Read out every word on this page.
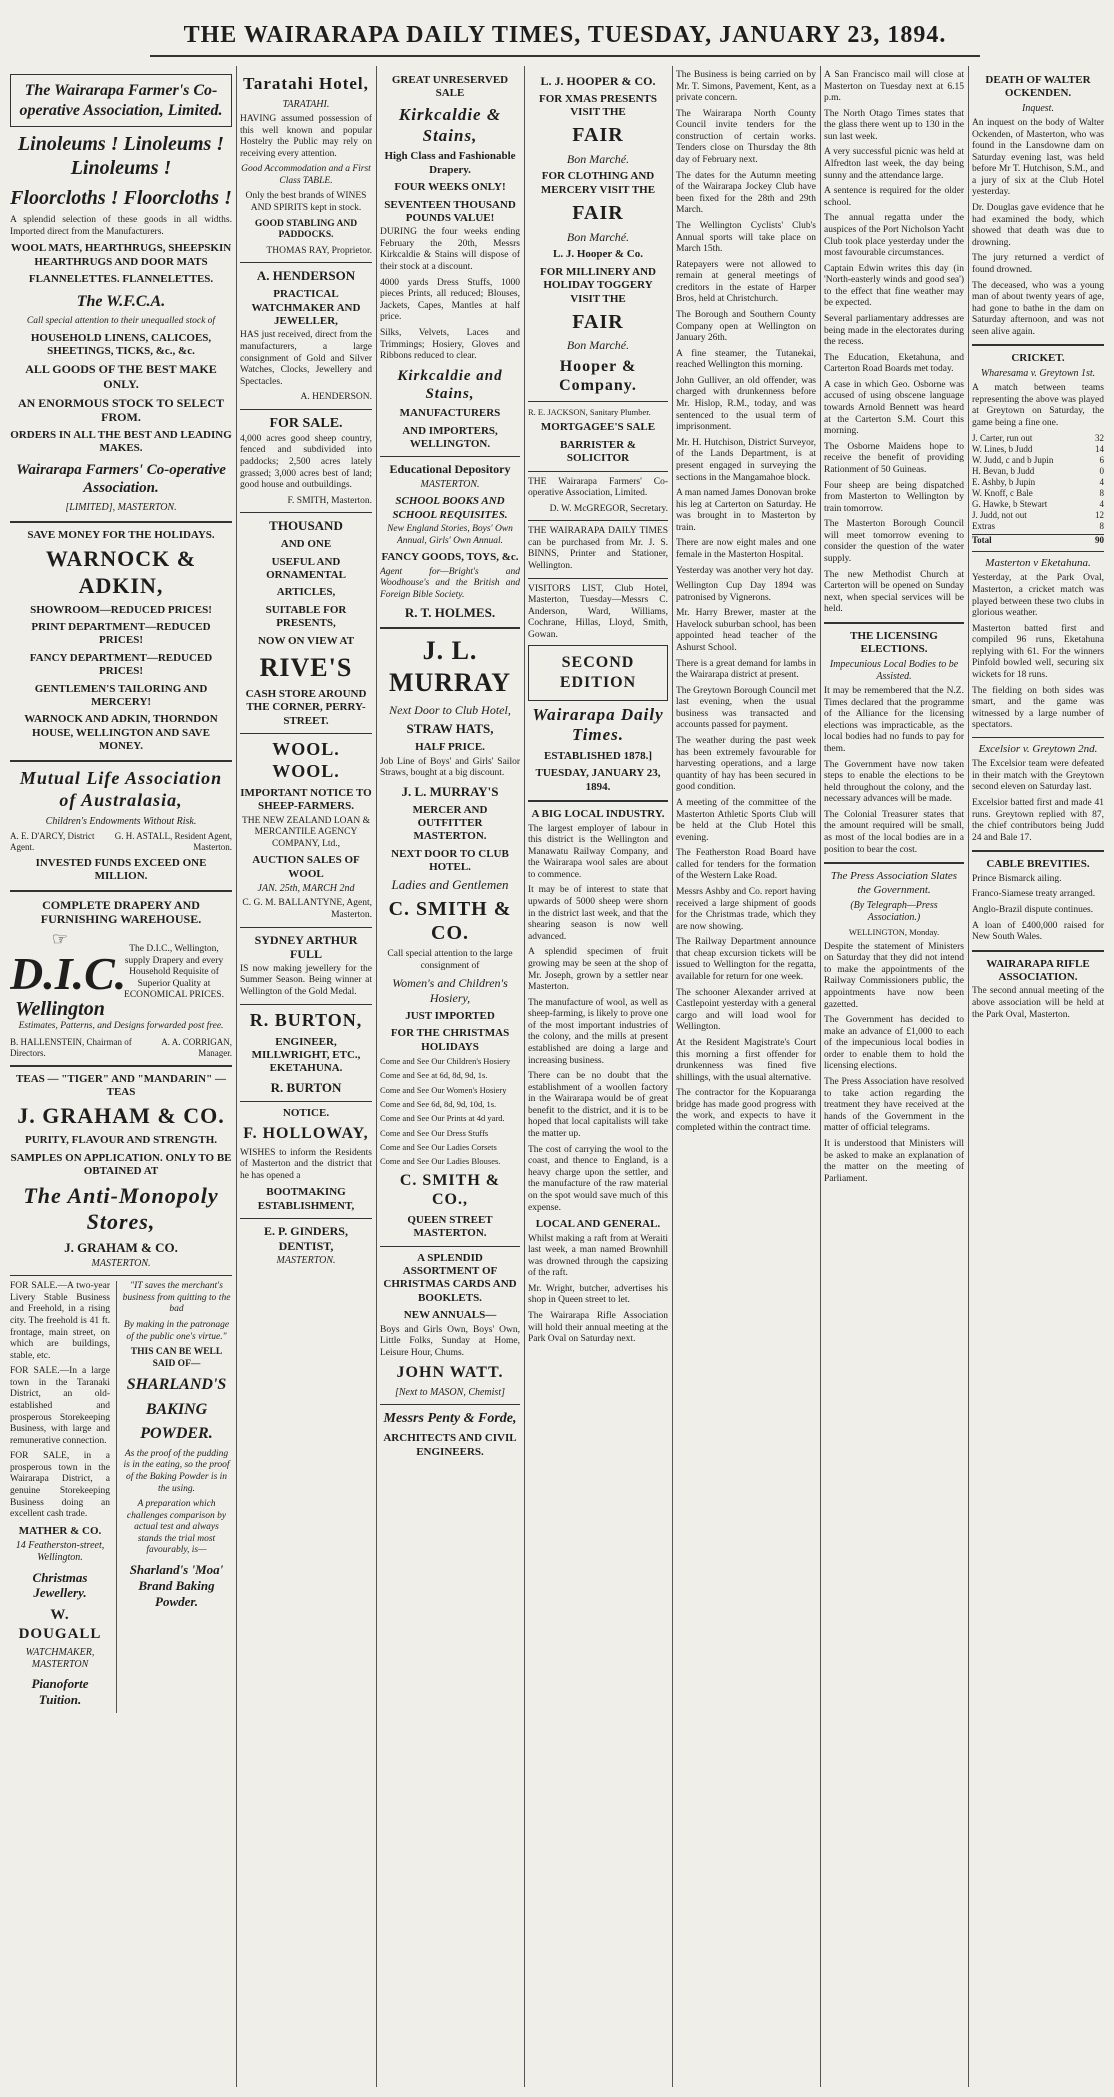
THE WAIRARAPA DAILY TIMES, TUESDAY, JANUARY 23, 1894.
The Wairarapa Farmer's Co-operative Association, Limited.
Linoleums ! Linoleums ! Linoleums !
Floorcloths ! Floorcloths !

A splendid selection of these goods in all widths. Imported direct from the Manufacturers.

WOOL MATS, HEARTHRUGS, SHEEPSKIN HEARTHRUGS AND DOOR MATS
FLANNELETTES. FLANNELETTES.
The W.F.C.A.

Call special attention to their unequalled stock of

HOUSEHOLD LINENS, CALICOES, SHEETINGS, TICKS, &c., &c.
ALL GOODS OF THE BEST MAKE ONLY.
AN ENORMOUS STOCK TO SELECT FROM.
ORDERS IN ALL THE BEST AND LEADING MAKES.
Wairarapa Farmers' Co-operative Association.
[LIMITED], MASTERTON.
SAVE MONEY FOR THE HOLIDAYS.
WARNOCK & ADKIN,
SHOWROOM—REDUCED PRICES!
PRINT DEPARTMENT—REDUCED PRICES!
FANCY DEPARTMENT—REDUCED PRICES!
GENTLEMEN'S TAILORING AND MERCERY!
WARNOCK AND ADKIN, THORNDON HOUSE, WELLINGTON AND SAVE MONEY.
Mutual Life Association of Australasia,
Children's Endowments Without Risk.
A. E. D'ARCY, District Agent.
G. H. ASTALL, Resident Agent, Masterton.
INVESTED FUNDS EXCEED ONE MILLION.
COMPLETE DRAPERY AND FURNISHING WAREHOUSE.
☞
D.I.C.
Wellington

The D.I.C., Wellington, supply Drapery and every Household Requisite of Superior Quality at ECONOMICAL PRICES.

Estimates, Patterns, and Designs forwarded post free.

B. HALLENSTEIN, Chairman of Directors.
A. A. CORRIGAN, Manager.
TEAS — "TIGER" AND "MANDARIN" — TEAS
J. GRAHAM & CO.
PURITY, FLAVOUR AND STRENGTH.
SAMPLES ON APPLICATION. ONLY TO BE OBTAINED AT
The Anti-Monopoly Stores,
J. GRAHAM & CO.
MASTERTON.

FOR SALE.—A two-year Livery Stable Business and Freehold, in a rising city. The freehold is 41 ft. frontage, main street, on which are buildings, stable, etc.

FOR SALE.—In a large town in the Taranaki District, an old-established and prosperous Storekeeping Business, with large and remunerative connection.

FOR SALE, in a prosperous town in the Wairarapa District, a genuine Storekeeping Business doing an excellent cash trade.

MATHER & CO.
14 Featherston-street, Wellington.
Christmas Jewellery.
W. DOUGALL
WATCHMAKER, MASTERTON
Pianoforte Tuition.

"IT saves the merchant's business from quitting to the bad

By making in the patronage of the public one's virtue."

THIS CAN BE WELL SAID OF—

SHARLAND'S
BAKING
POWDER.

As the proof of the pudding is in the eating, so the proof of the Baking Powder is in the using.

A preparation which challenges comparison by actual test and always stands the trial most favourably, is—

Sharland's 'Moa' Brand Baking Powder.
Taratahi Hotel,
TARATAHI.

HAVING assumed possession of this well known and popular Hostelry the Public may rely on receiving every attention.

Good Accommodation and a First Class TABLE.

Only the best brands of WINES AND SPIRITS kept in stock.

GOOD STABLING AND PADDOCKS.

THOMAS RAY, Proprietor.

A. HENDERSON
PRACTICAL WATCHMAKER AND JEWELLER,

HAS just received, direct from the manufacturers, a large consignment of Gold and Silver Watches, Clocks, Jewellery and Spectacles.

A. HENDERSON.

FOR SALE.

4,000 acres good sheep country, fenced and subdivided into paddocks; 2,500 acres lately grassed; 3,000 acres best of land; good house and outbuildings.

F. SMITH, Masterton.

THOUSAND
AND ONE
USEFUL AND ORNAMENTAL
ARTICLES,
SUITABLE FOR PRESENTS,
NOW ON VIEW AT
RIVE'S
CASH STORE AROUND THE CORNER, PERRY-STREET.
WOOL. WOOL.
IMPORTANT NOTICE TO SHEEP-FARMERS.

THE NEW ZEALAND LOAN & MERCANTILE AGENCY COMPANY, Ltd.,

AUCTION SALES OF WOOL
JAN. 25th, MARCH 2nd

C. G. M. BALLANTYNE, Agent, Masterton.

SYDNEY ARTHUR FULL

IS now making jewellery for the Summer Season. Being winner at Wellington of the Gold Medal.

R. BURTON,
ENGINEER, MILLWRIGHT, ETC., EKETAHUNA.
R. BURTON
NOTICE.
F. HOLLOWAY,

WISHES to inform the Residents of Masterton and the district that he has opened a

BOOTMAKING ESTABLISHMENT,
E. P. GINDERS, DENTIST,
MASTERTON.
GREAT UNRESERVED SALE
Kirkcaldie & Stains,
High Class and Fashionable Drapery.
FOUR WEEKS ONLY!
SEVENTEEN THOUSAND POUNDS VALUE!

DURING the four weeks ending February the 20th, Messrs Kirkcaldie & Stains will dispose of their stock at a discount.

4000 yards Dress Stuffs, 1000 pieces Prints, all reduced; Blouses, Jackets, Capes, Mantles at half price.

Silks, Velvets, Laces and Trimmings; Hosiery, Gloves and Ribbons reduced to clear.

Kirkcaldie and Stains,
MANUFACTURERS
AND IMPORTERS, WELLINGTON.
Educational Depository
MASTERTON.
SCHOOL BOOKS AND SCHOOL REQUISITES.

New England Stories, Boys' Own Annual, Girls' Own Annual.

FANCY GOODS, TOYS, &c.

Agent for—Bright's and Woodhouse's and the British and Foreign Bible Society.

R. T. HOLMES.
J. L. MURRAY
Next Door to Club Hotel,
STRAW HATS,
HALF PRICE.

Job Line of Boys' and Girls' Sailor Straws, bought at a big discount.

J. L. MURRAY'S
MERCER AND OUTFITTER MASTERTON.
NEXT DOOR TO CLUB HOTEL.
Ladies and Gentlemen
C. SMITH & CO.

Call special attention to the large consignment of

Women's and Children's Hosiery,
JUST IMPORTED
FOR THE CHRISTMAS HOLIDAYS

Come and See Our Children's Hosiery

Come and See at 6d, 8d, 9d, 1s.

Come and See Our Women's Hosiery

Come and See 6d, 8d, 9d, 10d, 1s.

Come and See Our Prints at 4d yard.

Come and See Our Dress Stuffs

Come and See Our Ladies Corsets

Come and See Our Ladies Blouses.

C. SMITH & CO.,
QUEEN STREET MASTERTON.
A SPLENDID ASSORTMENT OF CHRISTMAS CARDS AND BOOKLETS.
NEW ANNUALS—

Boys and Girls Own, Boys' Own, Little Folks, Sunday at Home, Leisure Hour, Chums.

JOHN WATT.
[Next to MASON, Chemist]
Messrs Penty & Forde,
ARCHITECTS AND CIVIL ENGINEERS.
L. J. HOOPER & CO.
FOR XMAS PRESENTS VISIT THE
FAIR
Bon Marché.
FOR CLOTHING AND MERCERY VISIT THE
FAIR
Bon Marché.
L. J. Hooper & Co.
FOR MILLINERY AND HOLIDAY TOGGERY VISIT THE
FAIR
Bon Marché.
Hooper & Company.

R. E. JACKSON, Sanitary Plumber.

MORTGAGEE'S SALE
BARRISTER & SOLICITOR

THE Wairarapa Farmers' Co-operative Association, Limited.

D. W. McGREGOR, Secretary.

THE WAIRARAPA DAILY TIMES can be purchased from Mr. J. S. BINNS, Printer and Stationer, Wellington.

VISITORS LIST, Club Hotel, Masterton, Tuesday—Messrs C. Anderson, Ward, Williams, Cochrane, Hillas, Lloyd, Smith, Gowan.

SECOND EDITION
Wairarapa Daily Times.
ESTABLISHED 1878.]
TUESDAY, JANUARY 23, 1894.
A BIG LOCAL INDUSTRY.

The largest employer of labour in this district is the Wellington and Manawatu Railway Company, and the Wairarapa wool sales are about to commence.

It may be of interest to state that upwards of 5000 sheep were shorn in the district last week, and that the shearing season is now well advanced.

A splendid specimen of fruit growing may be seen at the shop of Mr. Joseph, grown by a settler near Masterton.

The manufacture of wool, as well as sheep-farming, is likely to prove one of the most important industries of the colony, and the mills at present established are doing a large and increasing business.

There can be no doubt that the establishment of a woollen factory in the Wairarapa would be of great benefit to the district, and it is to be hoped that local capitalists will take the matter up.

The cost of carrying the wool to the coast, and thence to England, is a heavy charge upon the settler, and the manufacture of the raw material on the spot would save much of this expense.

LOCAL AND GENERAL.

Whilst making a raft from at Weraiti last week, a man named Brownhill was drowned through the capsizing of the raft.

Mr. Wright, butcher, advertises his shop in Queen street to let.

The Wairarapa Rifle Association will hold their annual meeting at the Park Oval on Saturday next.

The Business is being carried on by Mr. T. Simons, Pavement, Kent, as a private concern.

The Wairarapa North County Council invite tenders for the construction of certain works. Tenders close on Thursday the 8th day of February next.

The dates for the Autumn meeting of the Wairarapa Jockey Club have been fixed for the 28th and 29th March.

The Wellington Cyclists' Club's Annual sports will take place on March 15th.

Ratepayers were not allowed to remain at general meetings of creditors in the estate of Harper Bros, held at Christchurch.

The Borough and Southern County Company open at Wellington on January 26th.

A fine steamer, the Tutanekai, reached Wellington this morning.

John Gulliver, an old offender, was charged with drunkenness before Mr. Hislop, R.M., today, and was sentenced to the usual term of imprisonment.

Mr. H. Hutchison, District Surveyor, of the Lands Department, is at present engaged in surveying the sections in the Mangamahoe block.

A man named James Donovan broke his leg at Carterton on Saturday. He was brought in to Masterton by train.

There are now eight males and one female in the Masterton Hospital.

Yesterday was another very hot day.

Wellington Cup Day 1894 was patronised by Vignerons.

Mr. Harry Brewer, master at the Havelock suburban school, has been appointed head teacher of the Ashurst School.

There is a great demand for lambs in the Wairarapa district at present.

The Greytown Borough Council met last evening, when the usual business was transacted and accounts passed for payment.

The weather during the past week has been extremely favourable for harvesting operations, and a large quantity of hay has been secured in good condition.

A meeting of the committee of the Masterton Athletic Sports Club will be held at the Club Hotel this evening.

The Featherston Road Board have called for tenders for the formation of the Western Lake Road.

Messrs Ashby and Co. report having received a large shipment of goods for the Christmas trade, which they are now showing.

The Railway Department announce that cheap excursion tickets will be issued to Wellington for the regatta, available for return for one week.

The schooner Alexander arrived at Castlepoint yesterday with a general cargo and will load wool for Wellington.

At the Resident Magistrate's Court this morning a first offender for drunkenness was fined five shillings, with the usual alternative.

The contractor for the Kopuaranga bridge has made good progress with the work, and expects to have it completed within the contract time.

A San Francisco mail will close at Masterton on Tuesday next at 6.15 p.m.

The North Otago Times states that the glass there went up to 130 in the sun last week.

A very successful picnic was held at Alfredton last week, the day being sunny and the attendance large.

A sentence is required for the older school.

The annual regatta under the auspices of the Port Nicholson Yacht Club took place yesterday under the most favourable circumstances.

Captain Edwin writes this day (in 'North-easterly winds and good sea') to the effect that fine weather may be expected.

Several parliamentary addresses are being made in the electorates during the recess.

The Education, Eketahuna, and Carterton Road Boards met today.

A case in which Geo. Osborne was accused of using obscene language towards Arnold Bennett was heard at the Carterton S.M. Court this morning.

The Osborne Maidens hope to receive the benefit of providing Rationment of 50 Guineas.

Four sheep are being dispatched from Masterton to Wellington by train tomorrow.

The Masterton Borough Council will meet tomorrow evening to consider the question of the water supply.

The new Methodist Church at Carterton will be opened on Sunday next, when special services will be held.

THE LICENSING ELECTIONS.
Impecunious Local Bodies to be Assisted.

It may be remembered that the N.Z. Times declared that the programme of the Alliance for the licensing elections was impracticable, as the local bodies had no funds to pay for them.

The Government have now taken steps to enable the elections to be held throughout the colony, and the necessary advances will be made.

The Colonial Treasurer states that the amount required will be small, as most of the local bodies are in a position to bear the cost.

The Press Association Slates the Government.
(By Telegraph—Press Association.)

WELLINGTON, Monday.

Despite the statement of Ministers on Saturday that they did not intend to make the appointments of the Railway Commissioners public, the appointments have now been gazetted.

The Government has decided to make an advance of £1,000 to each of the impecunious local bodies in order to enable them to hold the licensing elections.

The Press Association have resolved to take action regarding the treatment they have received at the hands of the Government in the matter of official telegrams.

It is understood that Ministers will be asked to make an explanation of the matter on the meeting of Parliament.

DEATH OF WALTER OCKENDEN.
Inquest.

An inquest on the body of Walter Ockenden, of Masterton, who was found in the Lansdowne dam on Saturday evening last, was held before Mr T. Hutchison, S.M., and a jury of six at the Club Hotel yesterday.

Dr. Douglas gave evidence that he had examined the body, which showed that death was due to drowning.

The jury returned a verdict of found drowned.

The deceased, who was a young man of about twenty years of age, had gone to bathe in the dam on Saturday afternoon, and was not seen alive again.

CRICKET.
Wharesama v. Greytown 1st.

A match between teams representing the above was played at Greytown on Saturday, the game being a fine one.

J. Carter, run out	32
W. Lines, b Judd	14
W. Judd, c and b Jupin	6
H. Bevan, b Judd	0
E. Ashby, b Jupin	4
W. Knoff, c Bale	8
G. Hawke, b Stewart	4
J. Judd, not out	12
Extras	8
Total	90
Masterton v Eketahuna.

Yesterday, at the Park Oval, Masterton, a cricket match was played between these two clubs in glorious weather.

Masterton batted first and compiled 96 runs, Eketahuna replying with 61. For the winners Pinfold bowled well, securing six wickets for 18 runs.

The fielding on both sides was smart, and the game was witnessed by a large number of spectators.

Excelsior v. Greytown 2nd.

The Excelsior team were defeated in their match with the Greytown second eleven on Saturday last.

Excelsior batted first and made 41 runs. Greytown replied with 87, the chief contributors being Judd 24 and Bale 17.

CABLE BREVITIES.

Prince Bismarck ailing.

Franco-Siamese treaty arranged.

Anglo-Brazil dispute continues.

A loan of £400,000 raised for New South Wales.

WAIRARAPA RIFLE ASSOCIATION.

The second annual meeting of the above association will be held at the Park Oval, Masterton.
